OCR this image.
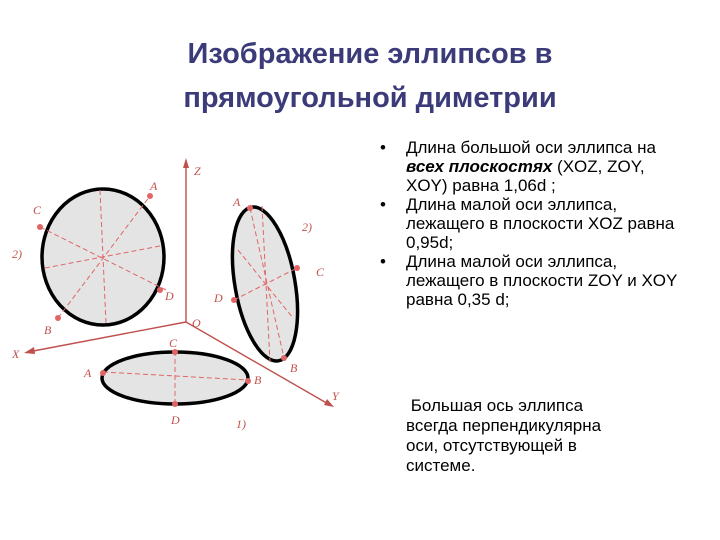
Изображение эллипсов в
прямоугольной диметрии
Z
X
Y
O
A
C
2)
D
B
A
2)
C
D
B
C
A	B
D	1)
• Длина большой оси эллипса на всех плоскостях (XOZ, ZOY, XOY) равна 1,06d ;
• Длина малой оси эллипса, лежащего в плоскости XOZ равна 0,95d;
• Длина малой оси эллипса, лежащего в плоскости ZOY и XOY равна 0,35 d;
Большая ось эллипса
всегда перпендикулярна
оси, отсутствующей в
системе.
